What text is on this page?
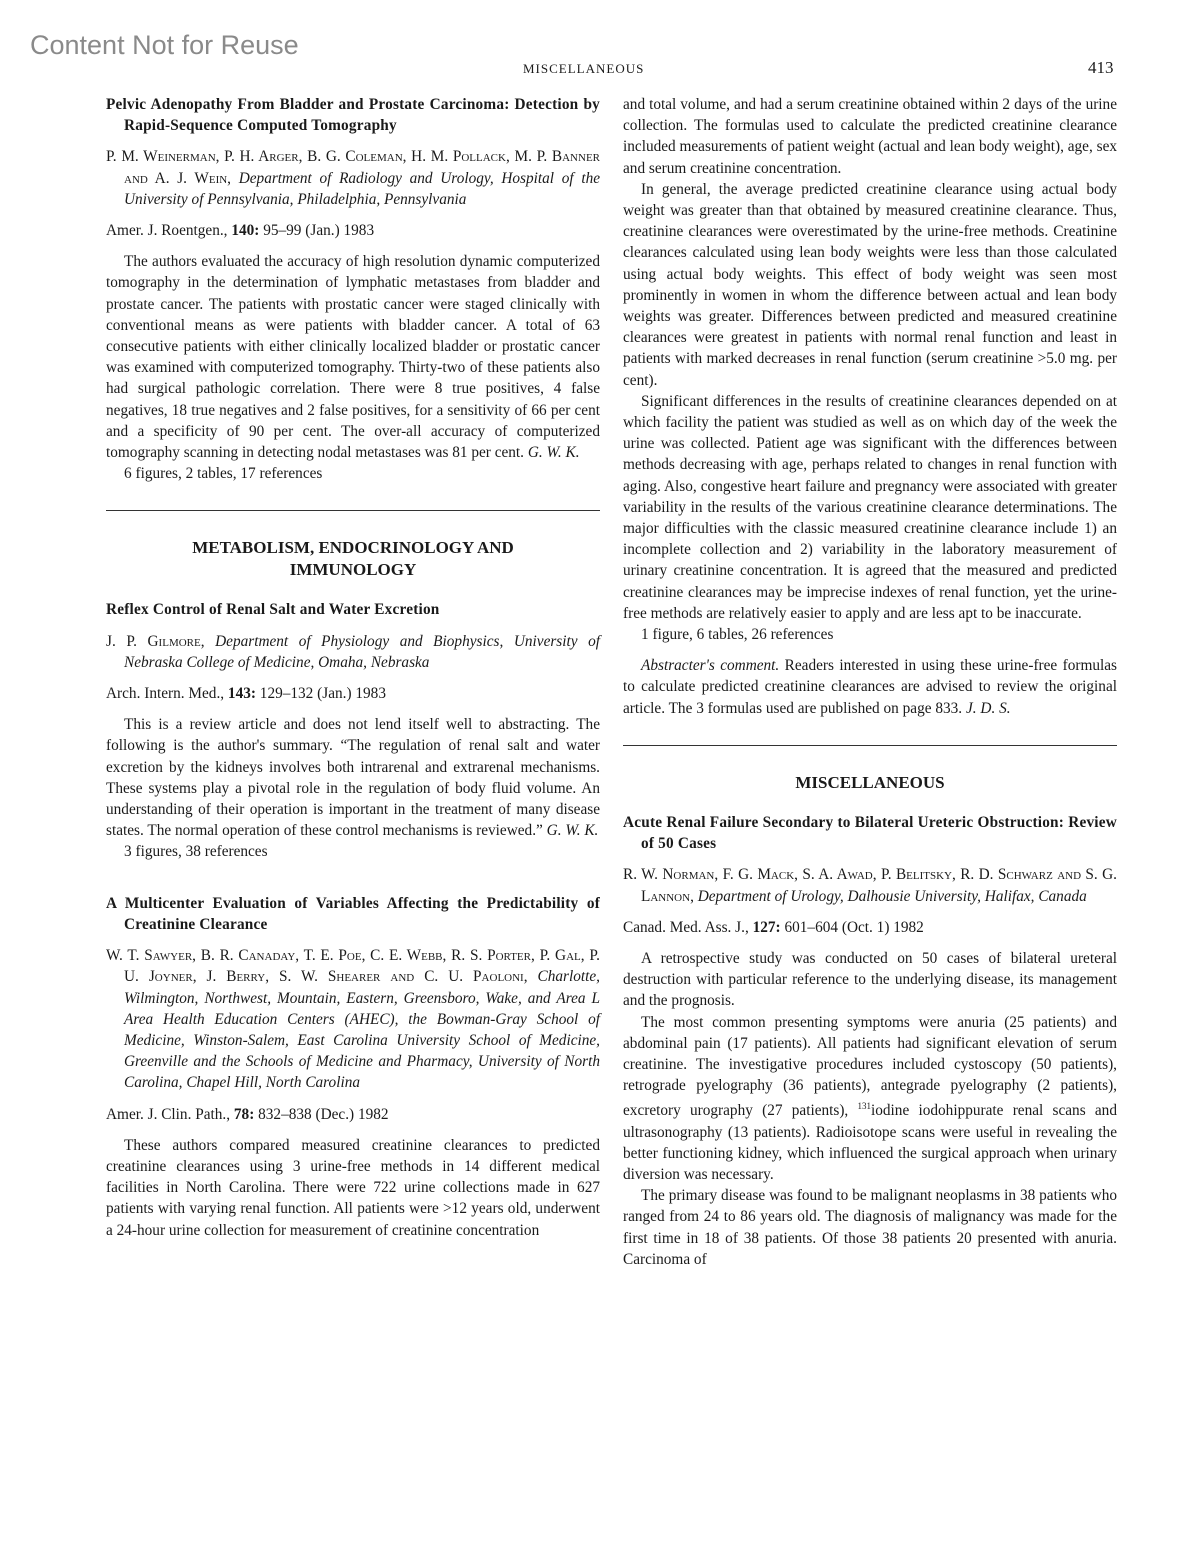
Content Not for Reuse
MISCELLANEOUS	413

Pelvic Adenopathy From Bladder and Prostate Carcinoma: Detection by Rapid-Sequence Computed Tomography

P. M. Weinerman, P. H. Arger, B. G. Coleman, H. M. Pollack, M. P. Banner and A. J. Wein, Department of Radiology and Urology, Hospital of the University of Pennsylvania, Philadelphia, Pennsylvania

Amer. J. Roentgen., 140: 95–99 (Jan.) 1983

The authors evaluated the accuracy of high resolution dynamic computerized tomography in the determination of lymphatic metastases from bladder and prostate cancer. The patients with prostatic cancer were staged clinically with conventional means as were patients with bladder cancer. A total of 63 consecutive patients with either clinically localized bladder or prostatic cancer was examined with computerized tomography. Thirty-two of these patients also had surgical pathologic correlation. There were 8 true positives, 4 false negatives, 18 true negatives and 2 false positives, for a sensitivity of 66 per cent and a specificity of 90 per cent. The over-all accuracy of computerized tomography scanning in detecting nodal metastases was 81 per cent. G. W. K.

6 figures, 2 tables, 17 references

METABOLISM, ENDOCRINOLOGY AND IMMUNOLOGY

Reflex Control of Renal Salt and Water Excretion

J. P. Gilmore, Department of Physiology and Biophysics, University of Nebraska College of Medicine, Omaha, Nebraska

Arch. Intern. Med., 143: 129–132 (Jan.) 1983

This is a review article and does not lend itself well to abstracting. The following is the author's summary. “The regulation of renal salt and water excretion by the kidneys involves both intrarenal and extrarenal mechanisms. These systems play a pivotal role in the regulation of body fluid volume. An understanding of their operation is important in the treatment of many disease states. The normal operation of these control mechanisms is reviewed.” G. W. K.

3 figures, 38 references

A Multicenter Evaluation of Variables Affecting the Predictability of Creatinine Clearance

W. T. Sawyer, B. R. Canaday, T. E. Poe, C. E. Webb, R. S. Porter, P. Gal, P. U. Joyner, J. Berry, S. W. Shearer and C. U. Paoloni, Charlotte, Wilmington, Northwest, Mountain, Eastern, Greensboro, Wake, and Area L Area Health Education Centers (AHEC), the Bowman-Gray School of Medicine, Winston-Salem, East Carolina University School of Medicine, Greenville and the Schools of Medicine and Pharmacy, University of North Carolina, Chapel Hill, North Carolina

Amer. J. Clin. Path., 78: 832–838 (Dec.) 1982

These authors compared measured creatinine clearances to predicted creatinine clearances using 3 urine-free methods in 14 different medical facilities in North Carolina. There were 722 urine collections made in 627 patients with varying renal function. All patients were >12 years old, underwent a 24-hour urine collection for measurement of creatinine concentration

and total volume, and had a serum creatinine obtained within 2 days of the urine collection. The formulas used to calculate the predicted creatinine clearance included measurements of patient weight (actual and lean body weight), age, sex and serum creatinine concentration.

In general, the average predicted creatinine clearance using actual body weight was greater than that obtained by measured creatinine clearance. Thus, creatinine clearances were overestimated by the urine-free methods. Creatinine clearances calculated using lean body weights were less than those calculated using actual body weights. This effect of body weight was seen most prominently in women in whom the difference between actual and lean body weights was greater. Differences between predicted and measured creatinine clearances were greatest in patients with normal renal function and least in patients with marked decreases in renal function (serum creatinine >5.0 mg. per cent).

Significant differences in the results of creatinine clearances depended on at which facility the patient was studied as well as on which day of the week the urine was collected. Patient age was significant with the differences between methods decreasing with age, perhaps related to changes in renal function with aging. Also, congestive heart failure and pregnancy were associated with greater variability in the results of the various creatinine clearance determinations. The major difficulties with the classic measured creatinine clearance include 1) an incomplete collection and 2) variability in the laboratory measurement of urinary creatinine concentration. It is agreed that the measured and predicted creatinine clearances may be imprecise indexes of renal function, yet the urine-free methods are relatively easier to apply and are less apt to be inaccurate.

1 figure, 6 tables, 26 references

Abstracter's comment. Readers interested in using these urine-free formulas to calculate predicted creatinine clearances are advised to review the original article. The 3 formulas used are published on page 833. J. D. S.

MISCELLANEOUS

Acute Renal Failure Secondary to Bilateral Ureteric Obstruction: Review of 50 Cases

R. W. Norman, F. G. Mack, S. A. Awad, P. Belitsky, R. D. Schwarz and S. G. Lannon, Department of Urology, Dalhousie University, Halifax, Canada

Canad. Med. Ass. J., 127: 601–604 (Oct. 1) 1982

A retrospective study was conducted on 50 cases of bilateral ureteral destruction with particular reference to the underlying disease, its management and the prognosis.

The most common presenting symptoms were anuria (25 patients) and abdominal pain (17 patients). All patients had significant elevation of serum creatinine. The investigative procedures included cystoscopy (50 patients), retrograde pyelography (36 patients), antegrade pyelography (2 patients), excretory urography (27 patients), $^{131}$iodine iodohippurate renal scans and ultrasonography (13 patients). Radioisotope scans were useful in revealing the better functioning kidney, which influenced the surgical approach when urinary diversion was necessary.

The primary disease was found to be malignant neoplasms in 38 patients who ranged from 24 to 86 years old. The diagnosis of malignancy was made for the first time in 18 of 38 patients. Of those 38 patients 20 presented with anuria. Carcinoma of
